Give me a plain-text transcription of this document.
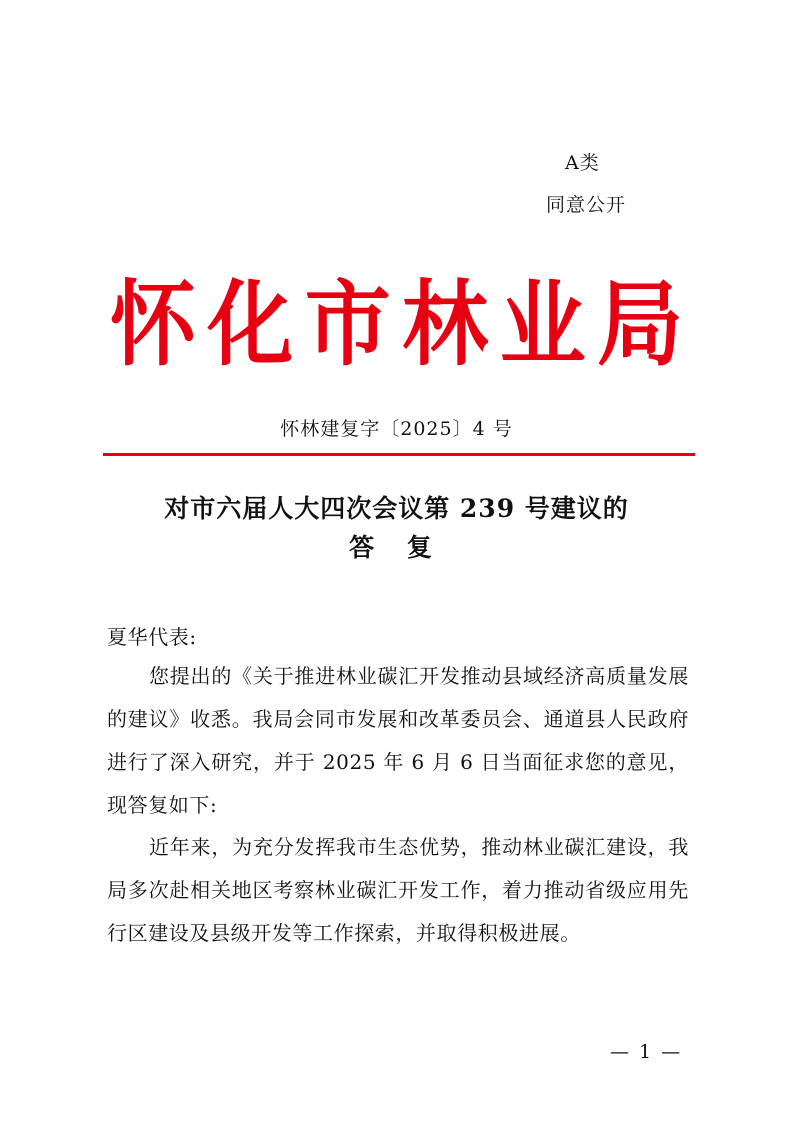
A类
同意公开
怀 化 市 林 业 局
怀林建复字〔2025〕4 号
对市六届人大四次会议第 239 号建议的
答 复
夏华代表:
您提出的《关于推进林业碳汇开发推动县域经济高质量发展的建议》收悉。我局会同市发展和改革委员会、通道县人民政府进行了深入研究，并于 2025 年 6 月 6 日当面征求您的意见，现答复如下:
近年来，为充分发挥我市生态优势，推动林业碳汇建设，我局多次赴相关地区考察林业碳汇开发工作，着力推动省级应用先行区建设及县级开发等工作探索，并取得积极进展。
— 1 —
